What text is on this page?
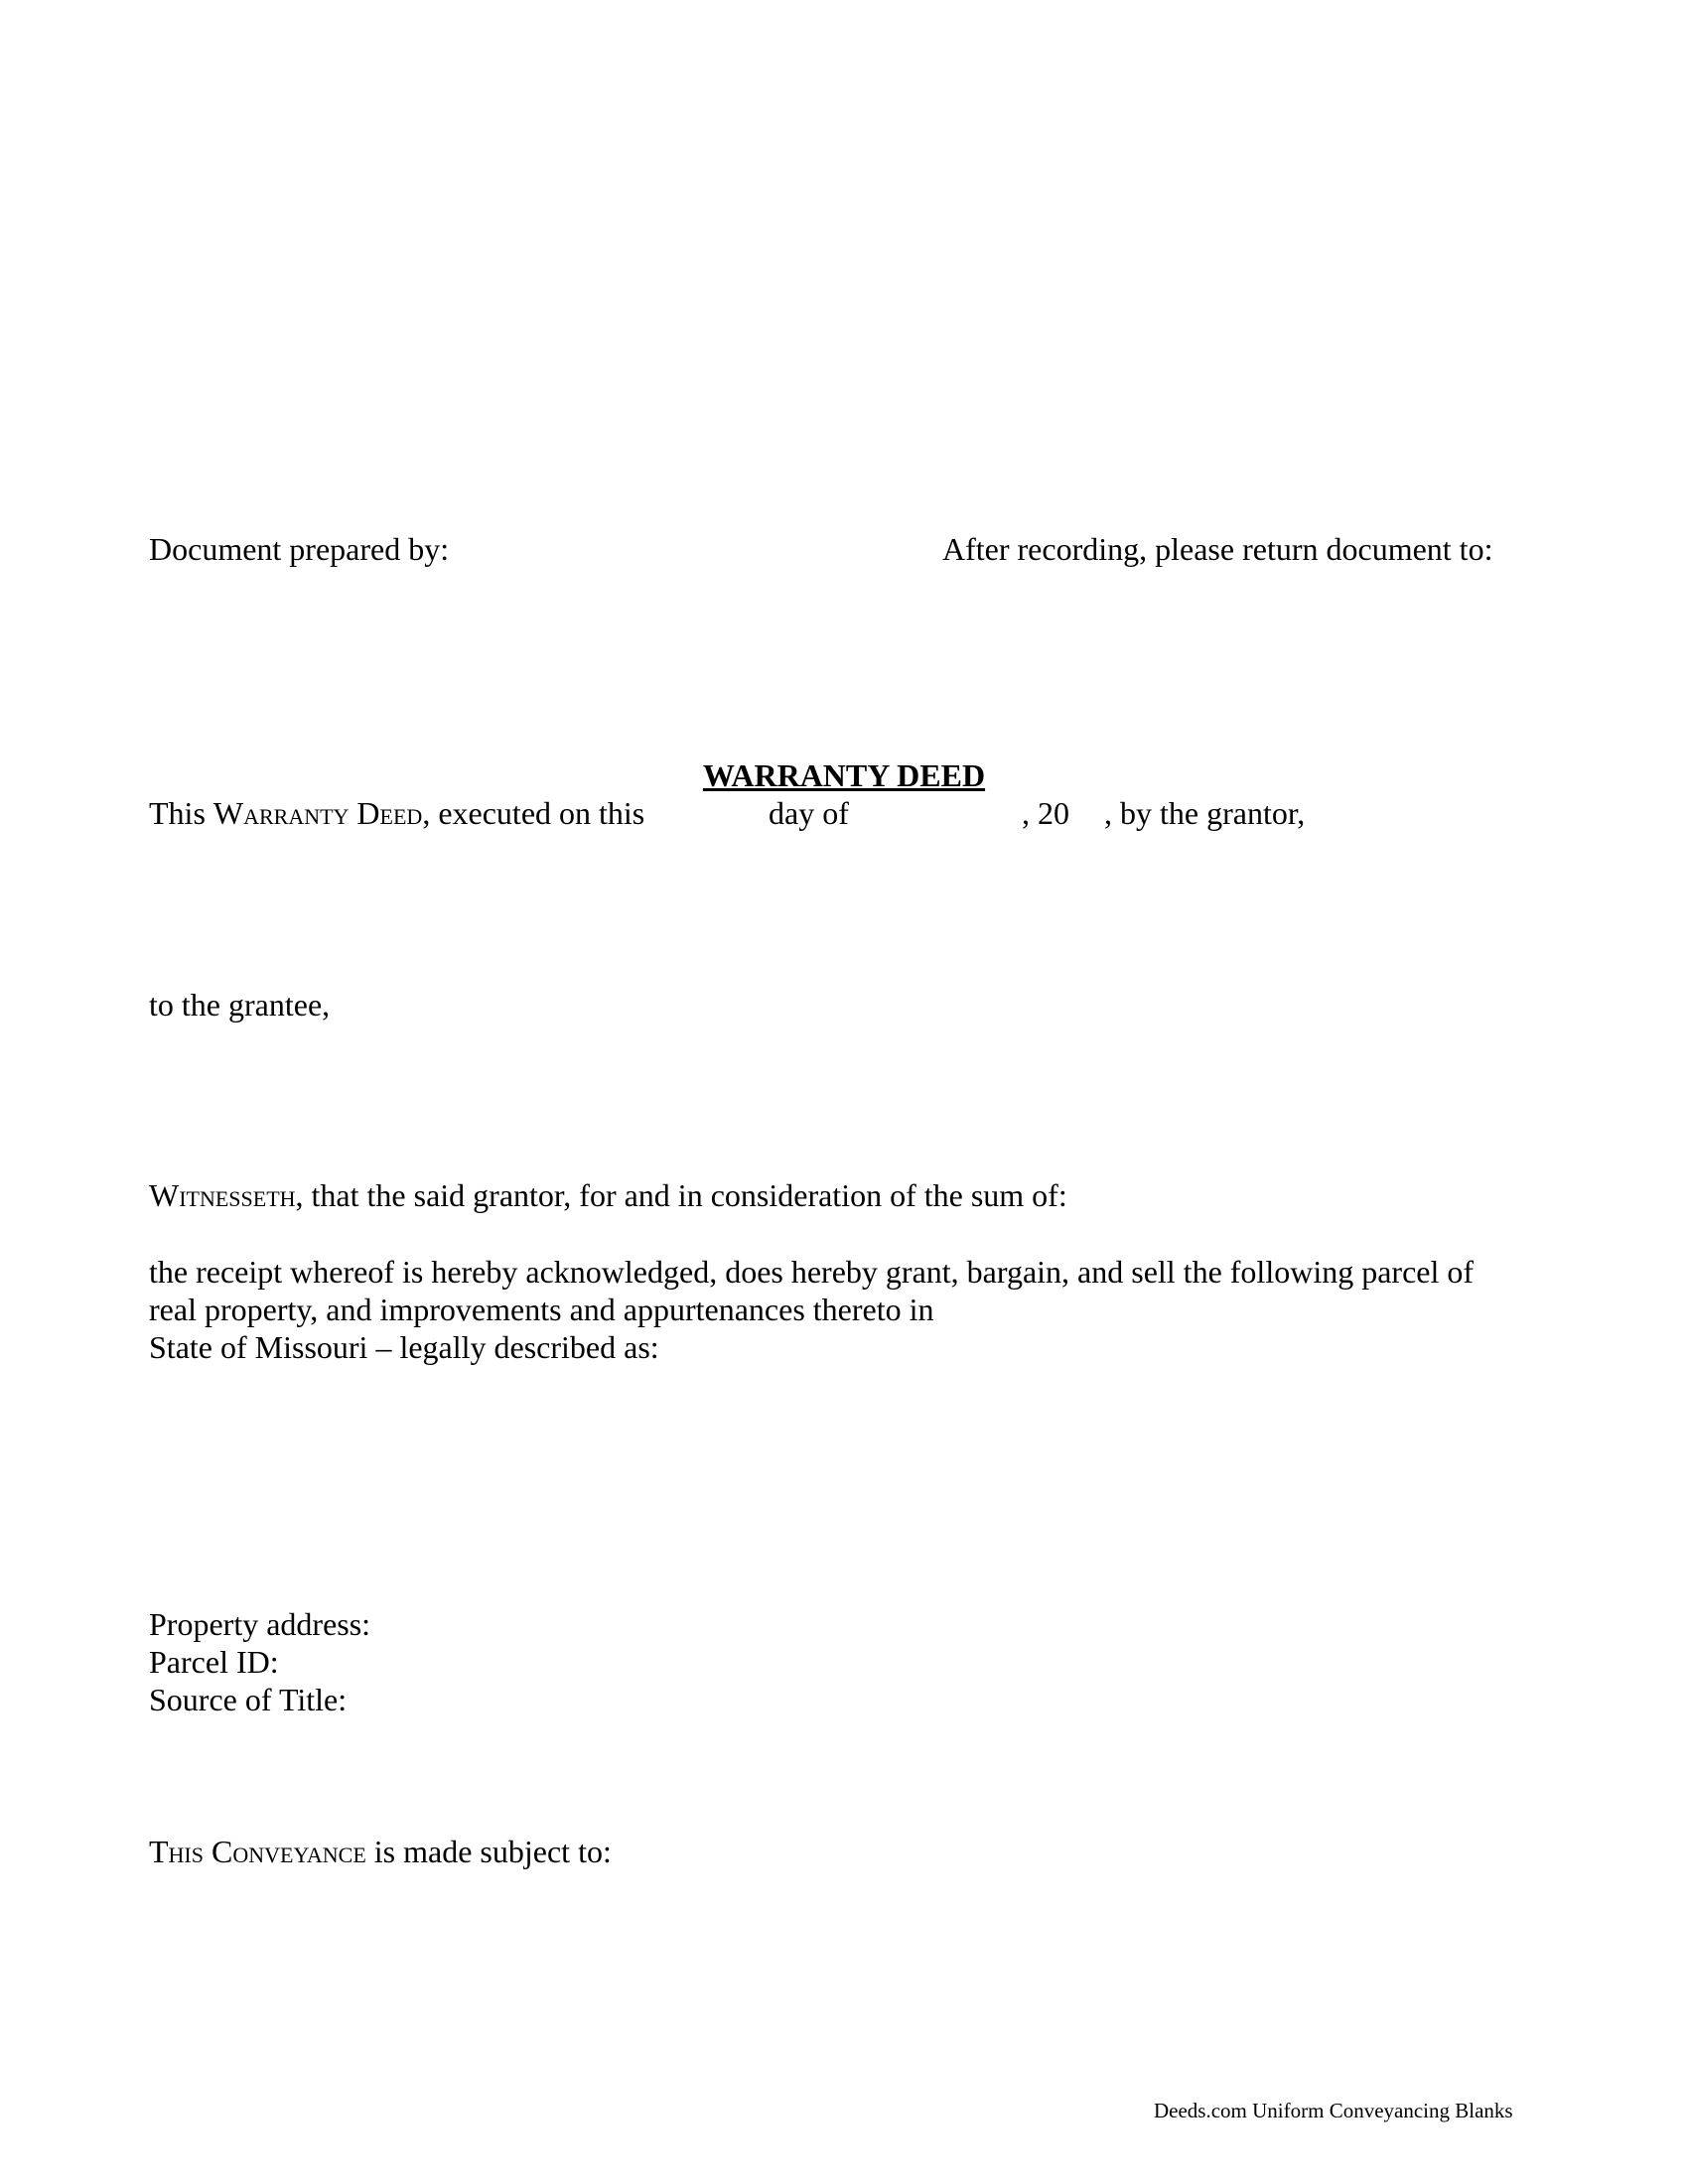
Document prepared by:	After recording, please return document to:
WARRANTY DEED
This Warranty Deed, executed on this	day of	, 20 , by the grantor,
to the grantee,
Witnesseth, that the said grantor, for and in consideration of the sum of:
the receipt whereof is hereby acknowledged, does hereby grant, bargain, and sell the following parcel of
real property, and improvements and appurtenances thereto in
State of Missouri – legally described as:
Property address:
Parcel ID:
Source of Title:
This Conveyance is made subject to:
Deeds.com Uniform Conveyancing Blanks
